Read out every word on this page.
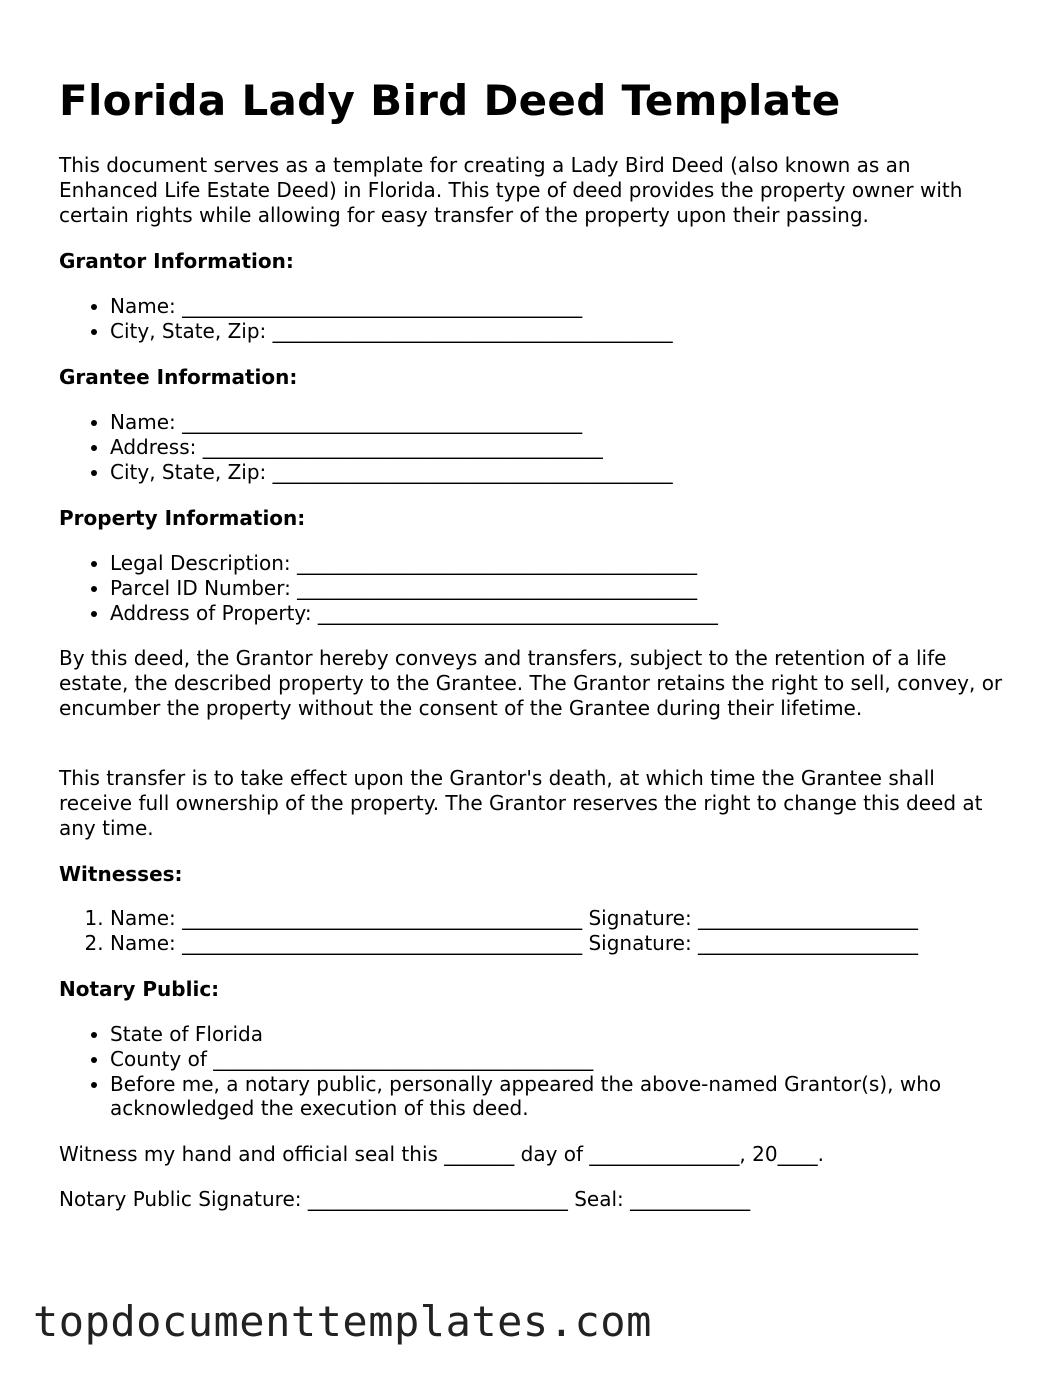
Florida Lady Bird Deed Template

This document serves as a template for creating a Lady Bird Deed (also known as an Enhanced Life Estate Deed) in Florida. This type of deed provides the property owner with certain rights while allowing for easy transfer of the property upon their passing.

Grantor Information:
• Name: ________________________________________
• City, State, Zip: ________________________________________
Grantee Information:
• Name: ________________________________________
• Address: ________________________________________
• City, State, Zip: ________________________________________
Property Information:
• Legal Description: ________________________________________
• Parcel ID Number: ________________________________________
• Address of Property: ________________________________________

By this deed, the Grantor hereby conveys and transfers, subject to the retention of a life estate, the described property to the Grantee. The Grantor retains the right to sell, convey, or encumber the property without the consent of the Grantee during their lifetime.

This transfer is to take effect upon the Grantor's death, at which time the Grantee shall receive full ownership of the property. The Grantor reserves the right to change this deed at any time.

Witnesses:
1. Name: ________________________________________ Signature: ______________________
2. Name: ________________________________________ Signature: ______________________
Notary Public:
• State of Florida
• County of ______________________________________
• Before me, a notary public, personally appeared the above-named Grantor(s), who acknowledged the execution of this deed.

Witness my hand and official seal this _______ day of _______________, 20____.

Notary Public Signature: __________________________ Seal: ____________

topdocumenttemplates.com
